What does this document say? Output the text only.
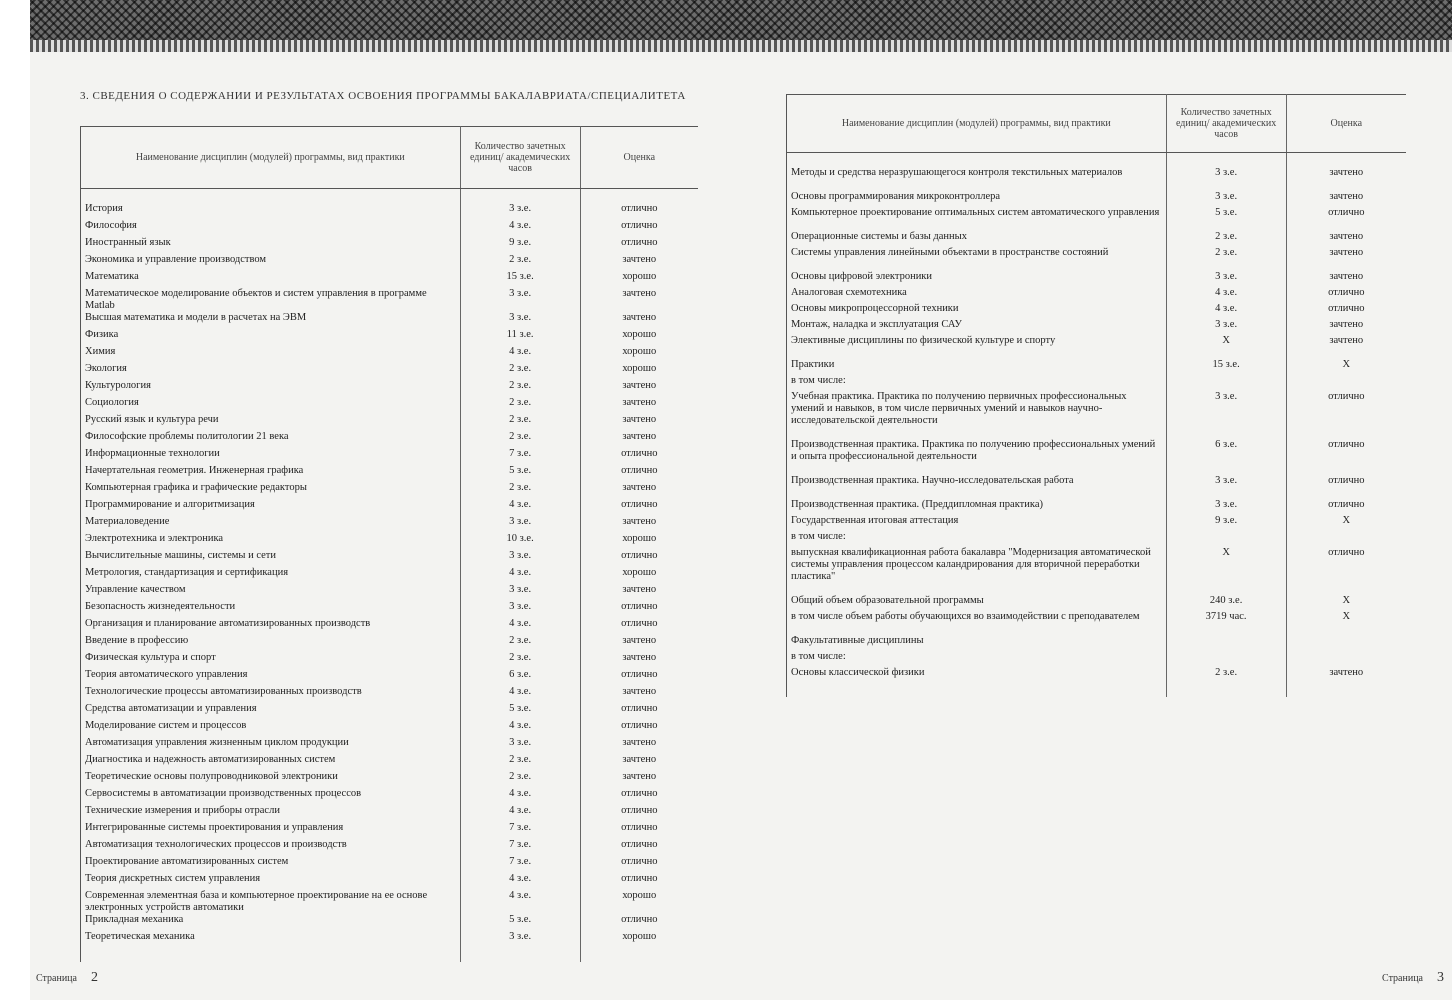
3. СВЕДЕНИЯ О СОДЕРЖАНИИ И РЕЗУЛЬТАТАХ ОСВОЕНИЯ ПРОГРАММЫ БАКАЛАВРИАТА/СПЕЦИАЛИТЕТА
Наименование дисциплин (модулей) программы, вид практики	Количество зачетных единиц/ академических часов	Оценка

История	3 з.е.	отлично
Философия	4 з.е.	отлично
Иностранный язык	9 з.е.	отлично
Экономика и управление производством	2 з.е.	зачтено
Математика	15 з.е.	хорошо
Математическое моделирование объектов и систем управления в программе Matlab	3 з.е.	зачтено
Высшая математика и модели в расчетах на ЭВМ	3 з.е.	зачтено
Физика	11 з.е.	хорошо
Химия	4 з.е.	хорошо
Экология	2 з.е.	хорошо
Культурология	2 з.е.	зачтено
Социология	2 з.е.	зачтено
Русский язык и культура речи	2 з.е.	зачтено
Философские проблемы политологии 21 века	2 з.е.	зачтено
Информационные технологии	7 з.е.	отлично
Начертательная геометрия. Инженерная графика	5 з.е.	отлично
Компьютерная графика и графические редакторы	2 з.е.	зачтено
Программирование и алгоритмизация	4 з.е.	отлично
Материаловедение	3 з.е.	зачтено
Электротехника и электроника	10 з.е.	хорошо
Вычислительные машины, системы и сети	3 з.е.	отлично
Метрология, стандартизация и сертификация	4 з.е.	хорошо
Управление качеством	3 з.е.	зачтено
Безопасность жизнедеятельности	3 з.е.	отлично
Организация и планирование автоматизированных производств	4 з.е.	отлично
Введение в профессию	2 з.е.	зачтено
Физическая культура и спорт	2 з.е.	зачтено
Теория автоматического управления	6 з.е.	отлично
Технологические процессы автоматизированных производств	4 з.е.	зачтено
Средства автоматизации и управления	5 з.е.	отлично
Моделирование систем и процессов	4 з.е.	отлично
Автоматизация управления жизненным циклом продукции	3 з.е.	зачтено
Диагностика и надежность автоматизированных систем	2 з.е.	зачтено
Теоретические основы полупроводниковой электроники	2 з.е.	зачтено
Сервосистемы в автоматизации производственных процессов	4 з.е.	отлично
Технические измерения и приборы отрасли	4 з.е.	отлично
Интегрированные системы проектирования и управления	7 з.е.	отлично
Автоматизация технологических процессов и производств	7 з.е.	отлично
Проектирование автоматизированных систем	7 з.е.	отлично
Теория дискретных систем управления	4 з.е.	отлично
Современная элементная база и компьютерное проектирование на ее основе электронных устройств автоматики	4 з.е.	хорошо
Прикладная механика	5 з.е.	отлично
Теоретическая механика	3 з.е.	хорошо

Страница 2
Наименование дисциплин (модулей) программы, вид практики	Количество зачетных единиц/ академических часов	Оценка

Методы и средства неразрушающегося контроля текстильных материалов	3 з.е.	зачтено
Основы программирования микроконтроллера	3 з.е.	зачтено
Компьютерное проектирование оптимальных систем автоматического управления	5 з.е.	отлично
Операционные системы и базы данных	2 з.е.	зачтено
Системы управления линейными объектами в пространстве состояний	2 з.е.	зачтено
Основы цифровой электроники	3 з.е.	зачтено
Аналоговая схемотехника	4 з.е.	отлично
Основы микропроцессорной техники	4 з.е.	отлично
Монтаж, наладка и эксплуатация САУ	3 з.е.	зачтено
Элективные дисциплины по физической культуре и спорту	X	зачтено
Практики	15 з.е.	X
в том числе:		
Учебная практика. Практика по получению первичных профессиональных умений и навыков, в том числе первичных умений и навыков научно-исследовательской деятельности	3 з.е.	отлично
Производственная практика. Практика по получению профессиональных умений и опыта профессиональной деятельности	6 з.е.	отлично
Производственная практика. Научно-исследовательская работа	3 з.е.	отлично
Производственная практика. (Преддипломная практика)	3 з.е.	отлично
Государственная итоговая аттестация	9 з.е.	X
в том числе:		
выпускная квалификационная работа бакалавра "Модернизация автоматической системы управления процессом каландрирования для вторичной переработки пластика"	X	отлично
Общий объем образовательной программы	240 з.е.	X
в том числе объем работы обучающихся во взаимодействии с преподавателем	3719 час.	X
Факультативные дисциплины		
в том числе:		
Основы классической физики	2 з.е.	зачтено

Страница 3
